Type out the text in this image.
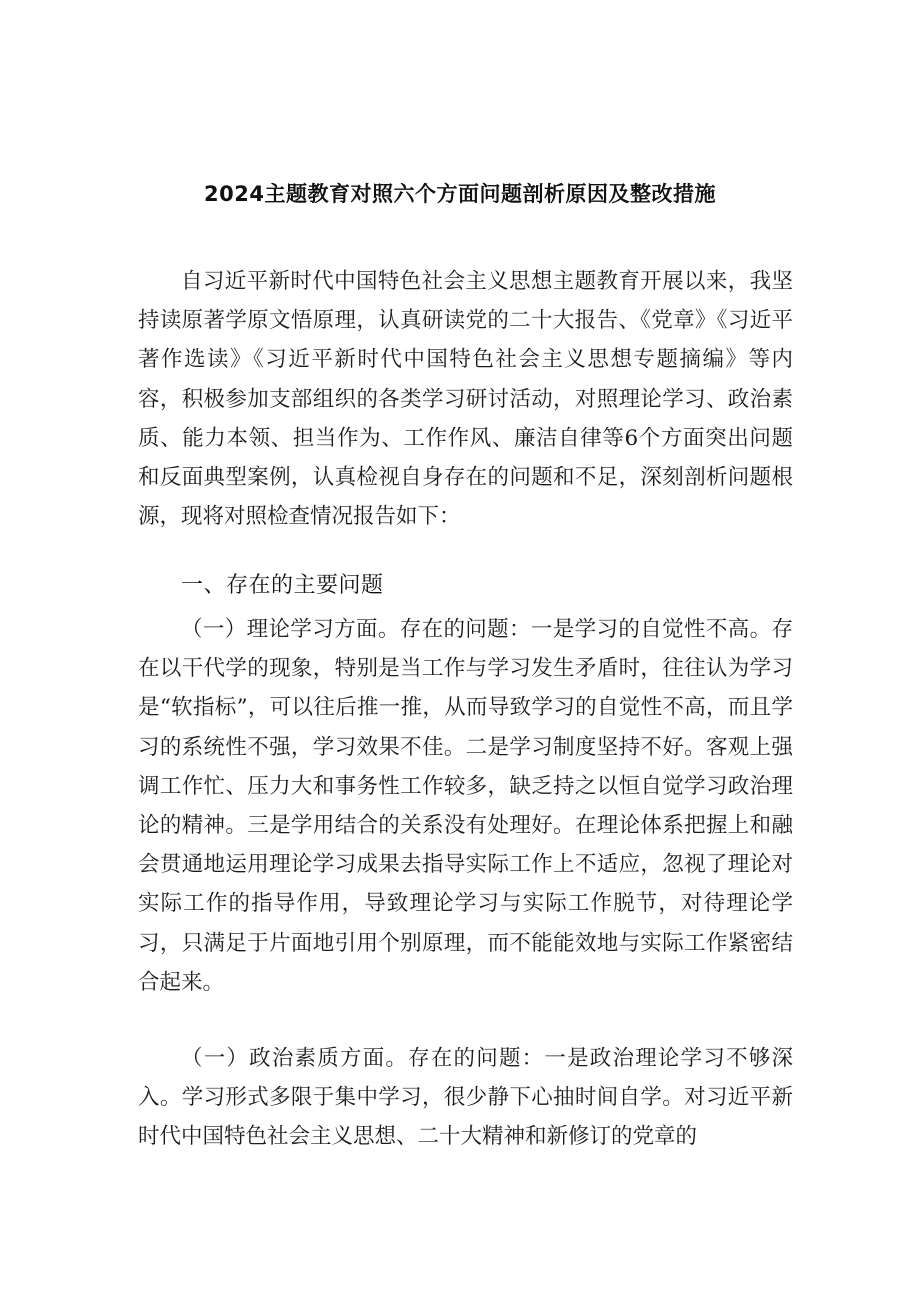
2024主题教育对照六个方面问题剖析原因及整改措施

自习近平新时代中国特色社会主义思想主题教育开展以来，我坚持读原著学原文悟原理，认真研读党的二十大报告、《党章》《习近平著作选读》《习近平新时代中国特色社会主义思想专题摘编》等内容，积极参加支部组织的各类学习研讨活动，对照理论学习、政治素质、能力本领、担当作为、工作作风、廉洁自律等6个方面突出问题和反面典型案例，认真检视自身存在的问题和不足，深刻剖析问题根源，现将对照检查情况报告如下：

一、存在的主要问题

（一）理论学习方面。存在的问题：一是学习的自觉性不高。存在以干代学的现象，特别是当工作与学习发生矛盾时，往往认为学习是“软指标”，可以往后推一推，从而导致学习的自觉性不高，而且学习的系统性不强，学习效果不佳。二是学习制度坚持不好。客观上强调工作忙、压力大和事务性工作较多，缺乏持之以恒自觉学习政治理论的精神。三是学用结合的关系没有处理好。在理论体系把握上和融会贯通地运用理论学习成果去指导实际工作上不适应，忽视了理论对实际工作的指导作用，导致理论学习与实际工作脱节，对待理论学习，只满足于片面地引用个别原理，而不能能效地与实际工作紧密结合起来。

（一）政治素质方面。存在的问题：一是政治理论学习不够深入。学习形式多限于集中学习，很少静下心抽时间自学。对习近平新时代中国特色社会主义思想、二十大精神和新修订的党章的
